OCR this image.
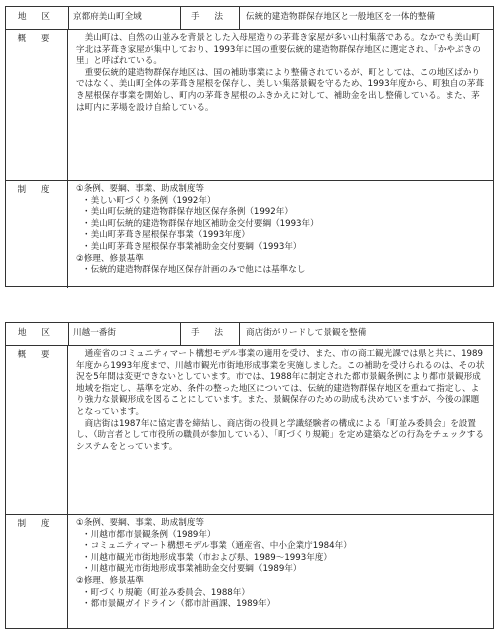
地 区	京都府美山町全域	手 法	伝統的建造物群保存地区と一般地区を一体的整備
概 要	美山町は、自然の山並みを背景とした入母屋造りの茅葺き家屋が多い山村集落である。なかでも美山町字北は茅葺き家屋が集中しており、1993年に国の重要伝統的建造物群保存地区に選定され、「かやぶきの里」と呼ばれている。

重要伝統的建造物群保存地区は、国の補助事業により整備されているが、町としては、この地区ばかりではなく、美山町全体の茅葺き屋根を保存し、美しい集落景観を守るため、1993年度から、町独自の茅葺き屋根保存事業を開始し、町内の茅葺き屋根のふきかえに対して、補助金を出し整備している。また、茅は町内に茅場を設け自給している。

制 度	①条例、要綱、事業、助成制度等

・美しい町づくり条例（1992年）

・美山町伝統的建造物群保存地区保存条例（1992年）

・美山町伝統的建造物群保存地区補助金交付要綱（1993年）

・美山町茅葺き屋根保存事業（1993年度）

・美山町茅葺き屋根保存事業補助金交付要綱（1993年）

②修理、修景基準

・伝統的建造物群保存地区保存計画のみで他には基準なし

地 区	川越一番街	手 法	商店街がリードして景観を整備
概 要	通産省のコミュニティマート構想モデル事業の適用を受け、また、市の商工観光課では県と共に、1989年度から1993年度まで、川越市観光市街地形成事業を実施しました。この補助を受けられるのは、その状況を5年間は変更できないとしています。市では、1988年に制定された都市景観条例により都市景観形成地域を指定し、基準を定め、条件の整った地区については、伝統的建造物群保存地区を重ねて指定し、より強力な景観形成を図ることにしています。また、景観保存のための助成も決めていますが、今後の課題となっています。

商店街は1987年に協定書を締結し、商店街の役員と学識経験者の構成による「町並み委員会」を設置し、（助言者として市役所の職員が参加している）、「町づくり規範」を定め建築などの行為をチェックするシステムをとっています。

制 度	①条例、要綱、事業、助成制度等

・川越市都市景観条例（1989年）

・コミュニティマート構想モデル事業（通産省、中小企業庁1984年）

・川越市観光市街地形成事業（市および県、1989～1993年度）

・川越市観光市街地形成事業補助金交付要綱（1989年）

②修理、修景基準

・町づくり規範（町並み委員会、1988年）

・都市景観ガイドライン（都市計画課、1989年）
